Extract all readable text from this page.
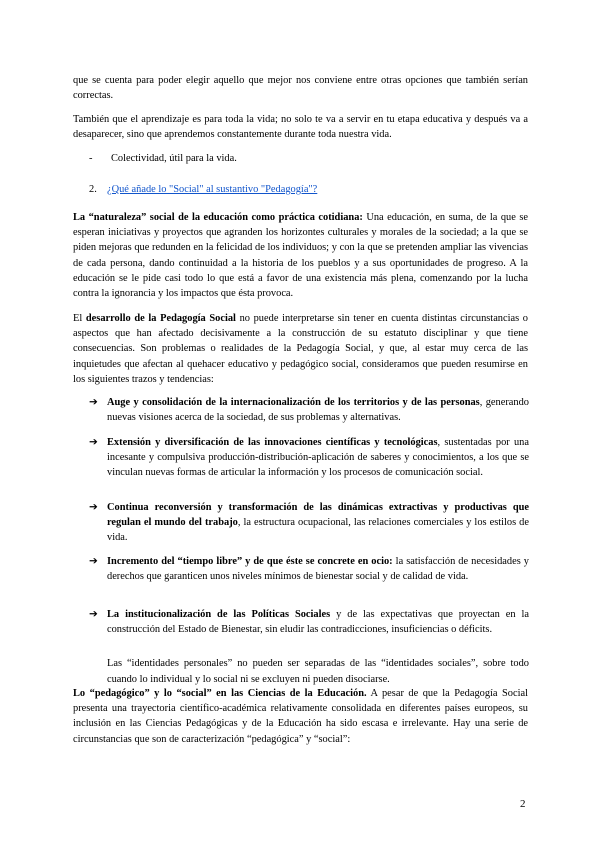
que se cuenta para poder elegir aquello que mejor nos conviene entre otras opciones que también serían correctas.

También que el aprendizaje es para toda la vida; no solo te va a servir en tu etapa educativa y después va a desaparecer, sino que aprendemos constantemente durante toda nuestra vida.

- Colectividad, útil para la vida.
2. ¿Qué añade lo "Social" al sustantivo "Pedagogía"?

La “naturaleza” social de la educación como práctica cotidiana: Una educación, en suma, de la que se esperan iniciativas y proyectos que agranden los horizontes culturales y morales de la sociedad; a la que se piden mejoras que redunden en la felicidad de los individuos; y con la que se pretenden ampliar las vivencias de cada persona, dando continuidad a la historia de los pueblos y a sus oportunidades de progreso. A la educación se le pide casi todo lo que está a favor de una existencia más plena, comenzando por la lucha contra la ignorancia y los impactos que ésta provoca.

El desarrollo de la Pedagogía Social no puede interpretarse sin tener en cuenta distintas circunstancias o aspectos que han afectado decisivamente a la construcción de su estatuto disciplinar y que tiene consecuencias. Son problemas o realidades de la Pedagogía Social, y que, al estar muy cerca de las inquietudes que afectan al quehacer educativo y pedagógico social, consideramos que pueden resumirse en los siguientes trazos y tendencias:

➔ Auge y consolidación de la internacionalización de los territorios y de las personas, generando nuevas visiones acerca de la sociedad, de sus problemas y alternativas.
➔ Extensión y diversificación de las innovaciones científicas y tecnológicas, sustentadas por una incesante y compulsiva producción-distribución-aplicación de saberes y conocimientos, a los que se vinculan nuevas formas de articular la información y los procesos de comunicación social.
➔ Continua reconversión y transformación de las dinámicas extractivas y productivas que regulan el mundo del trabajo, la estructura ocupacional, las relaciones comerciales y los estilos de vida.
➔ Incremento del “tiempo libre” y de que éste se concrete en ocio: la satisfacción de necesidades y derechos que garanticen unos niveles mínimos de bienestar social y de calidad de vida.
➔ La institucionalización de las Políticas Sociales y de las expectativas que proyectan en la construcción del Estado de Bienestar, sin eludir las contradicciones, insuficiencias o déficits.

Las “identidades personales” no pueden ser separadas de las “identidades sociales”, sobre todo cuando lo individual y lo social ni se excluyen ni pueden disociarse.

Lo “pedagógico” y lo “social” en las Ciencias de la Educación. A pesar de que la Pedagogía Social presenta una trayectoria científico-académica relativamente consolidada en diferentes países europeos, su inclusión en las Ciencias Pedagógicas y de la Educación ha sido escasa e irrelevante. Hay una serie de circunstancias que son de caracterización “pedagógica” y “social”:

2
